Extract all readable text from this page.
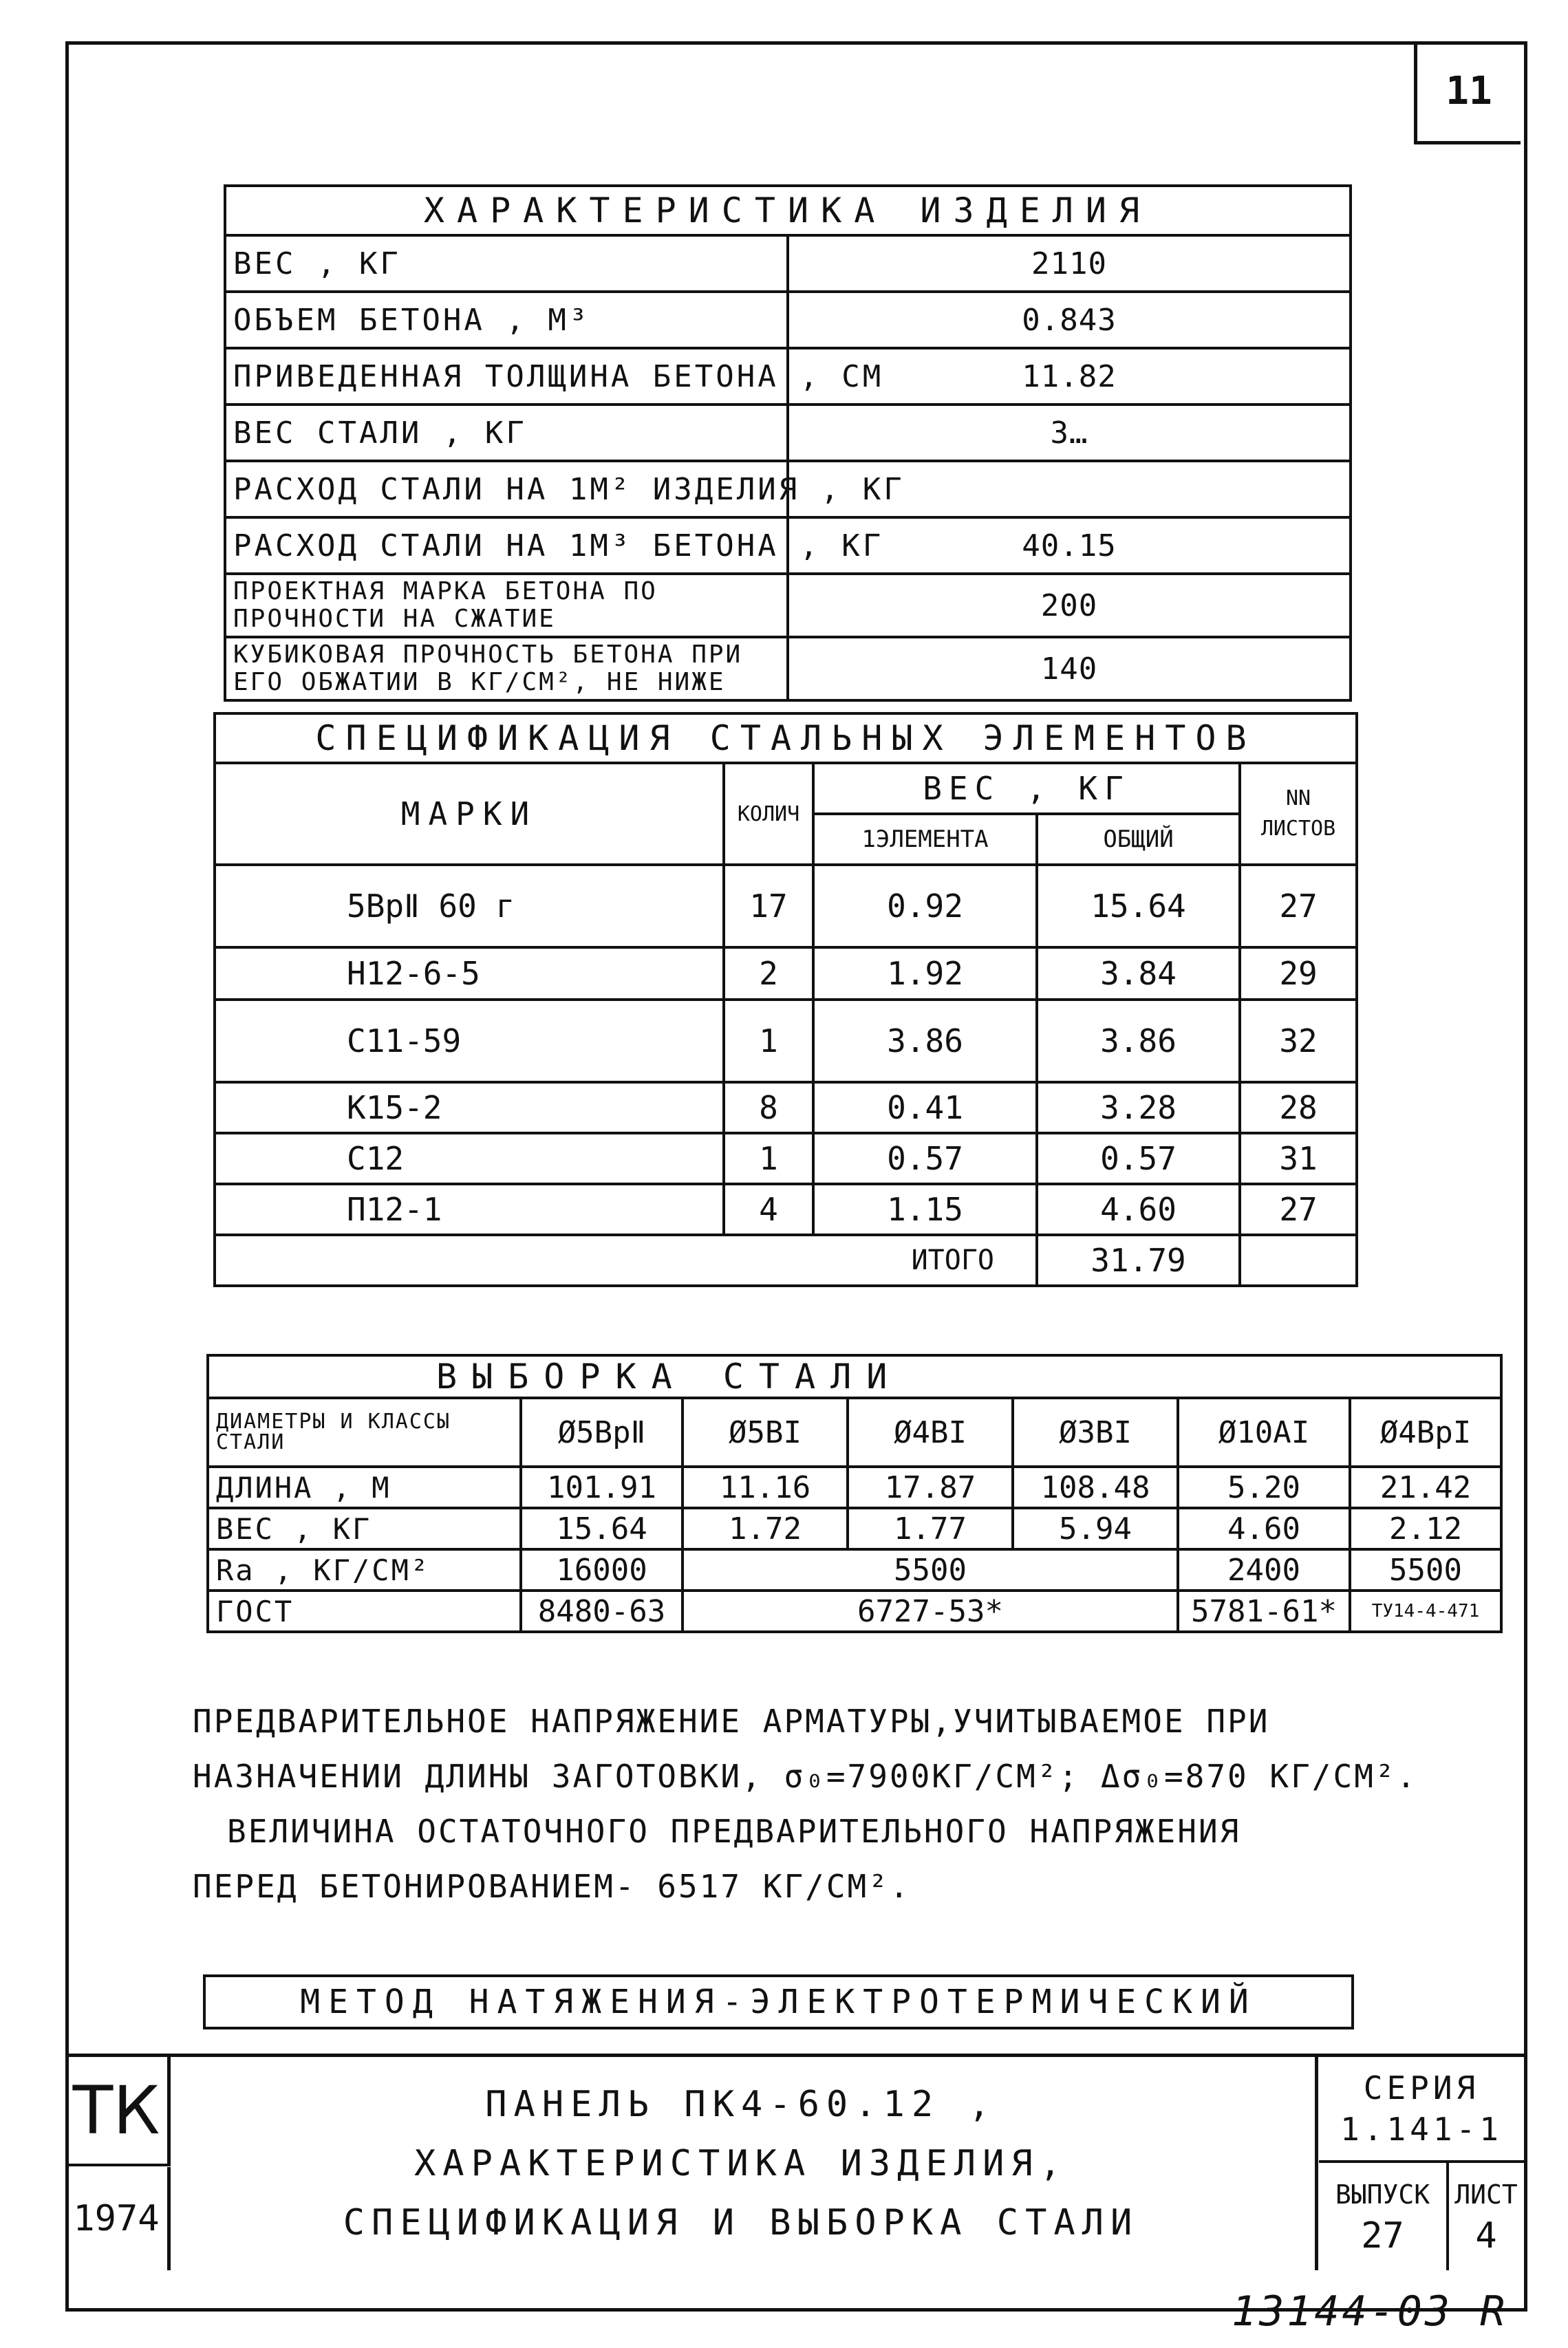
11
ХАРАКТЕРИСТИКА ИЗДЕЛИЯ	
ВЕС , КГ	2110
ОБЪЕМ БЕТОНА , М³	0.843
ПРИВЕДЕННАЯ ТОЛЩИНА БЕТОНА , СМ	11.82
ВЕС СТАЛИ , КГ	3…
РАСХОД СТАЛИ НА 1М² ИЗДЕЛИЯ , КГ	
РАСХОД СТАЛИ НА 1М³ БЕТОНА , КГ	40.15
ПРОЕКТНАЯ МАРКА БЕТОНА ПО ПРОЧНОСТИ НА СЖАТИЕ	200
КУБИКОВАЯ ПРОЧНОСТЬ БЕТОНА ПРИ ЕГО ОБЖАТИИ В КГ/СМ², НЕ НИЖЕ	140
СПЕЦИФИКАЦИЯ СТАЛЬНЫХ ЭЛЕМЕНТОВ				
МАРКИ	КОЛИЧ	ВЕС , КГ		NN ЛИСТОВ
		1ЭЛЕМЕНТА	ОБЩИЙ	
5ВрⅡ 60 г	17	0.92	15.64	27
Н12-6-5	2	1.92	3.84	29
С11-59	1	3.86	3.86	32
К15-2	8	0.41	3.28	28
С12	1	0.57	0.57	31
П12-1	4	1.15	4.60	27
ИТОГО			31.79	
ВЫБОРКА СТАЛИ						
ДИАМЕТРЫ И КЛАССЫ СТАЛИ	Ø5ВрⅡ	Ø5ВI	Ø4ВI	Ø3ВI	Ø10АI	Ø4ВрI
ДЛИНА , М	101.91	11.16	17.87	108.48	5.20	21.42
ВЕС , КГ	15.64	1.72	1.77	5.94	4.60	2.12
Rа , КГ/СМ²	16000	5500			2400	5500
ГОСТ	8480-63	6727-53*			5781-61*	ТУ14-4-471
ПРЕДВАРИТЕЛЬНОЕ НАПРЯЖЕНИЕ АРМАТУРЫ,УЧИТЫВАЕМОЕ ПРИ
НАЗНАЧЕНИИ ДЛИНЫ ЗАГОТОВКИ, σ₀=7900КГ/СМ²; Δσ₀=870 КГ/СМ².
ВЕЛИЧИНА ОСТАТОЧНОГО ПРЕДВАРИТЕЛЬНОГО НАПРЯЖЕНИЯ
ПЕРЕД БЕТОНИРОВАНИЕМ- 6517 КГ/СМ².
МЕТОД НАТЯЖЕНИЯ-ЭЛЕКТРОТЕРМИЧЕСКИЙ
ТК
1974
ПАНЕЛЬ ПК4-60.12 ,
ХАРАКТЕРИСТИКА ИЗДЕЛИЯ,
СПЕЦИФИКАЦИЯ И ВЫБОРКА СТАЛИ
СЕРИЯ
1.141-1
ВЫПУСК
27
ЛИСТ
4
13144-03 R
